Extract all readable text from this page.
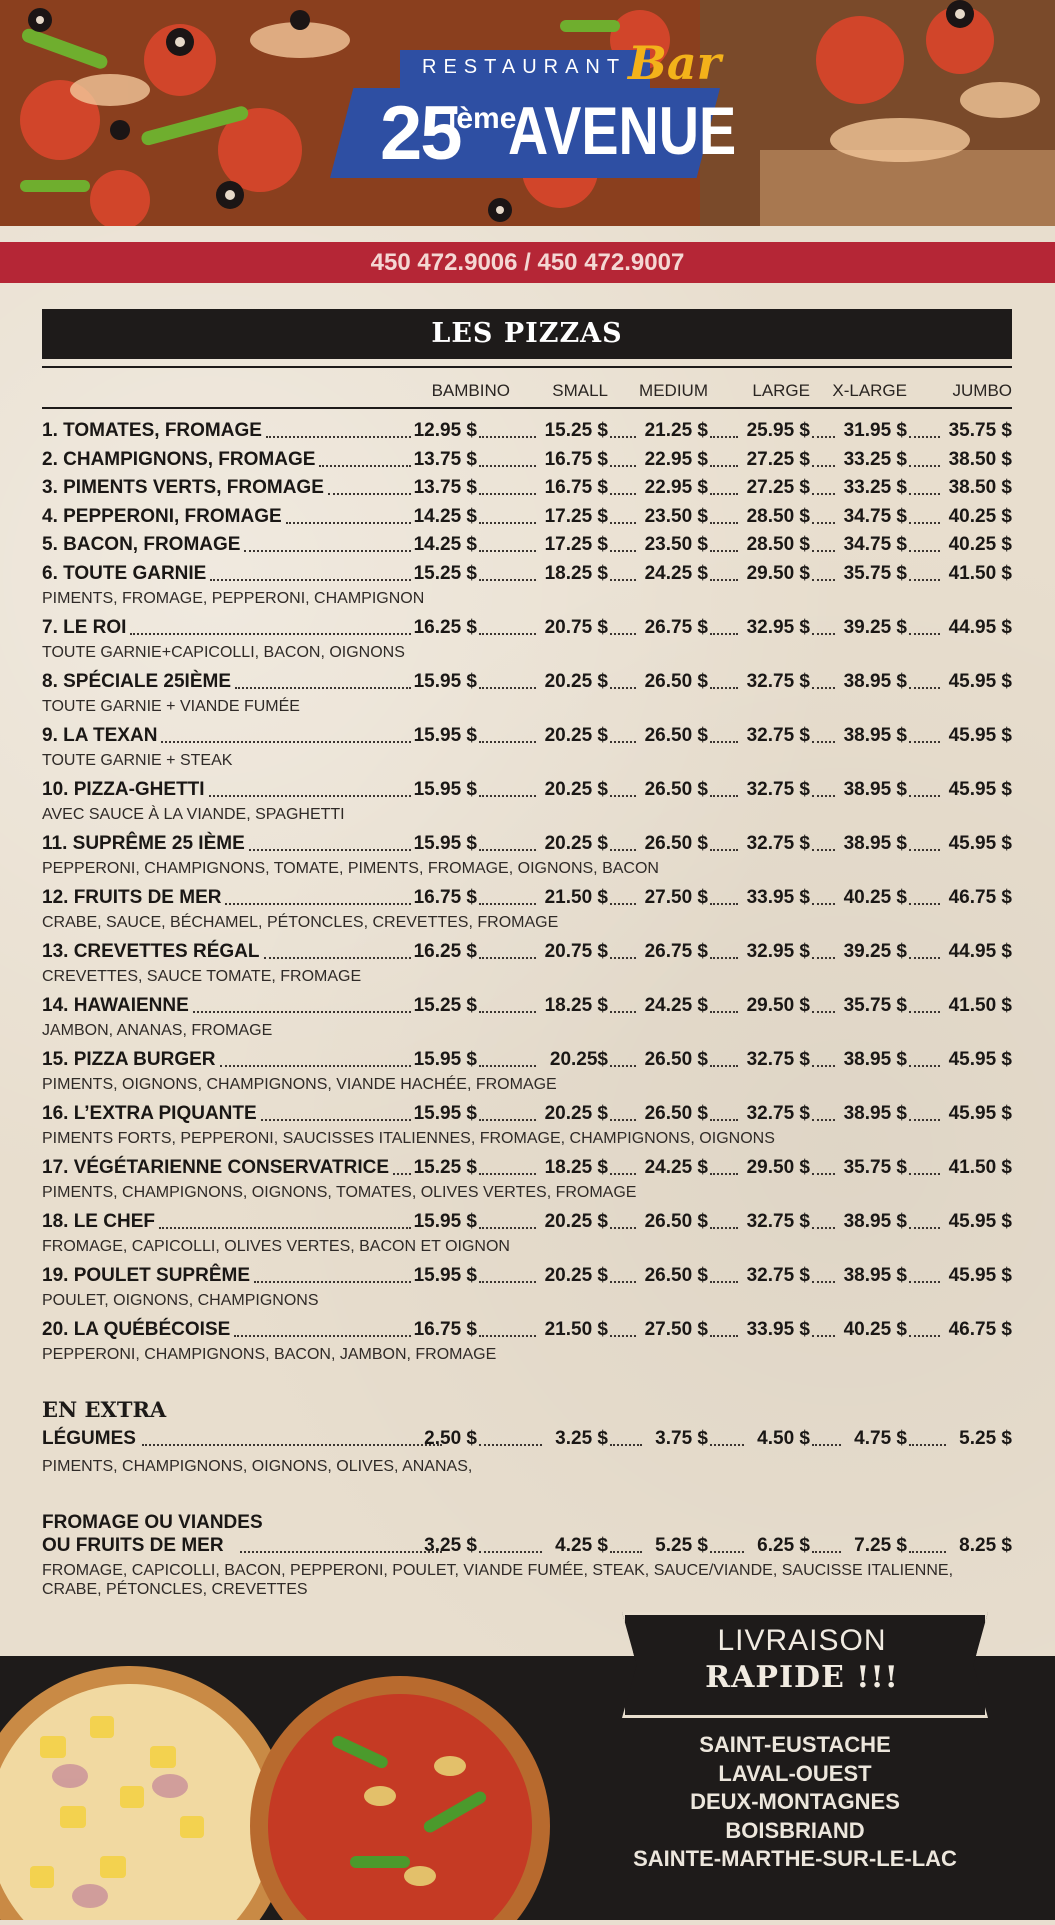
RESTAURANT Bar
25
ième
AVENUE
450 472.9006 / 450 472.9007
LES PIZZAS
BAMBINO SMALL MEDIUM	LARGE X-LARGE	JUMBO
1. TOMATES, FROMAGE	12.95 $	15.25 $ 21.25 $ 25.95 $ 31.95 $ 35.75 $
2. CHAMPIGNONS, FROMAGE	13.75 $	16.75 $ 22.95 $ 27.25 $ 33.25 $ 38.50 $
3. PIMENTS VERTS, FROMAGE	13.75 $	16.75 $ 22.95 $ 27.25 $ 33.25 $ 38.50 $
4. PEPPERONI, FROMAGE	14.25 $	17.25 $ 23.50 $ 28.50 $ 34.75 $ 40.25 $
5. BACON, FROMAGE	14.25 $	17.25 $ 23.50 $ 28.50 $ 34.75 $ 40.25 $
6. TOUTE GARNIE	15.25 $	18.25 $ 24.25 $ 29.50 $ 35.75 $ 41.50 $
PIMENTS, FROMAGE, PEPPERONI, CHAMPIGNON
7. LE ROI	16.25 $	20.75 $ 26.75 $ 32.95 $ 39.25 $ 44.95 $
TOUTE GARNIE+CAPICOLLI, BACON, OIGNONS
8. SPÉCIALE 25IÈME	15.95 $	20.25 $ 26.50 $ 32.75 $ 38.95 $ 45.95 $
TOUTE GARNIE + VIANDE FUMÉE
9. LA TEXAN	15.95 $	20.25 $ 26.50 $ 32.75 $ 38.95 $ 45.95 $
TOUTE GARNIE + STEAK
10. PIZZA-GHETTI	15.95 $	20.25 $ 26.50 $ 32.75 $ 38.95 $ 45.95 $
AVEC SAUCE À LA VIANDE, SPAGHETTI
11. SUPRÊME 25 IÈME	15.95 $	20.25 $ 26.50 $ 32.75 $ 38.95 $ 45.95 $
PEPPERONI, CHAMPIGNONS, TOMATE, PIMENTS, FROMAGE, OIGNONS, BACON
12. FRUITS DE MER	16.75 $	21.50 $ 27.50 $ 33.95 $ 40.25 $ 46.75 $
CRABE, SAUCE, BÉCHAMEL, PÉTONCLES, CREVETTES, FROMAGE
13. CREVETTES RÉGAL	16.25 $	20.75 $ 26.75 $ 32.95 $ 39.25 $ 44.95 $
CREVETTES, SAUCE TOMATE, FROMAGE
14. HAWAIENNE	15.25 $	18.25 $ 24.25 $ 29.50 $ 35.75 $ 41.50 $
JAMBON, ANANAS, FROMAGE
15. PIZZA BURGER	15.95 $	20.25$ 26.50 $ 32.75 $ 38.95 $ 45.95 $
PIMENTS, OIGNONS, CHAMPIGNONS, VIANDE HACHÉE, FROMAGE
16. L’EXTRA PIQUANTE	15.95 $	20.25 $ 26.50 $ 32.75 $ 38.95 $ 45.95 $
PIMENTS FORTS, PEPPERONI, SAUCISSES ITALIENNES, FROMAGE, CHAMPIGNONS, OIGNONS
17. VÉGÉTARIENNE CONSERVATRICE 15.25 $	18.25 $ 24.25 $ 29.50 $ 35.75 $ 41.50 $
PIMENTS, CHAMPIGNONS, OIGNONS, TOMATES, OLIVES VERTES, FROMAGE
18. LE CHEF	15.95 $	20.25 $ 26.50 $ 32.75 $ 38.95 $ 45.95 $
FROMAGE, CAPICOLLI, OLIVES VERTES, BACON ET OIGNON
19. POULET SUPRÊME	15.95 $	20.25 $ 26.50 $ 32.75 $ 38.95 $ 45.95 $
POULET, OIGNONS, CHAMPIGNONS
20. LA QUÉBÉCOISE	16.75 $	21.50 $ 27.50 $ 33.95 $ 40.25 $ 46.75 $
PEPPERONI, CHAMPIGNONS, BACON, JAMBON, FROMAGE
EN EXTRA
LÉGUMES	2.50 $	3.25 $ 3.75 $	4.50 $ 4.75 $	5.25 $
PIMENTS, CHAMPIGNONS, OIGNONS, OLIVES, ANANAS,
FROMAGE OU VIANDES
OU FRUITS DE MER	3.25 $	4.25 $ 5.25 $	6.25 $ 7.25 $	8.25 $
FROMAGE, CAPICOLLI, BACON, PEPPERONI, POULET, VIANDE FUMÉE, STEAK, SAUCE/VIANDE, SAUCISSE ITALIENNE,
CRABE, PÉTONCLES, CREVETTES
LIVRAISON
RAPIDE !!!
SAINT-EUSTACHE
LAVAL-OUEST
DEUX-MONTAGNES
BOISBRIAND
SAINTE-MARTHE-SUR-LE-LAC
